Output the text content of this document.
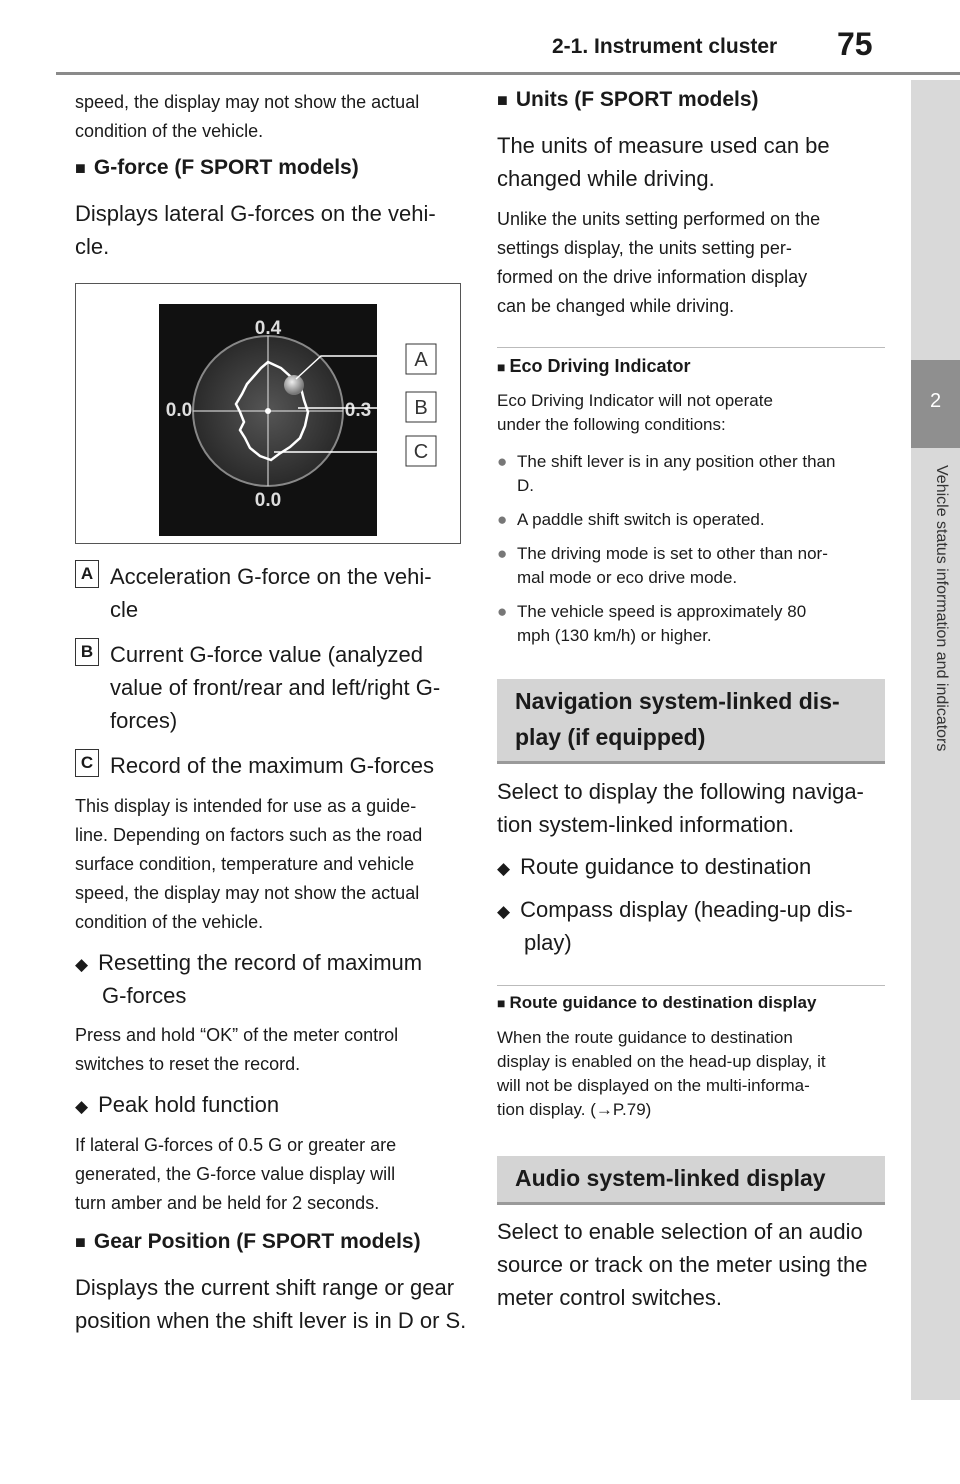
2-1. Instrument cluster 75
2
Vehicle status information and indicators
speed, the display may not show the actual
condition of the vehicle.
■ G-force (F SPORT models)
Displays lateral G-forces on the vehi-
cle.
0.4
0.0	0.3
0.0
A
B
C
A Acceleration G-force on the vehi-
cle
B Current G-force value (analyzed
value of front/rear and left/right G-
forces)
C Record of the maximum G-forces
This display is intended for use as a guide-
line. Depending on factors such as the road
surface condition, temperature and vehicle
speed, the display may not show the actual
condition of the vehicle.
◆ Resetting the record of maximum
G-forces
Press and hold “OK” of the meter control
switches to reset the record.
◆ Peak hold function
If lateral G-forces of 0.5 G or greater are
generated, the G-force value display will
turn amber and be held for 2 seconds.
■ Gear Position (F SPORT models)
Displays the current shift range or gear
position when the shift lever is in D or S.
■ Units (F SPORT models)
The units of measure used can be
changed while driving.
Unlike the units setting performed on the
settings display, the units setting per-
formed on the drive information display
can be changed while driving.
■ Eco Driving Indicator
Eco Driving Indicator will not operate
under the following conditions:
● The shift lever is in any position other than
D.
● A paddle shift switch is operated.
● The driving mode is set to other than nor-
mal mode or eco drive mode.
● The vehicle speed is approximately 80
mph (130 km/h) or higher.
Navigation system-linked dis-
play (if equipped)
Select to display the following naviga-
tion system-linked information.
◆ Route guidance to destination
◆ Compass display (heading-up dis-
play)
■ Route guidance to destination display
When the route guidance to destination
display is enabled on the head-up display, it
will not be displayed on the multi-informa-
tion display. (→P.79)
Audio system-linked display
Select to enable selection of an audio
source or track on the meter using the
meter control switches.
